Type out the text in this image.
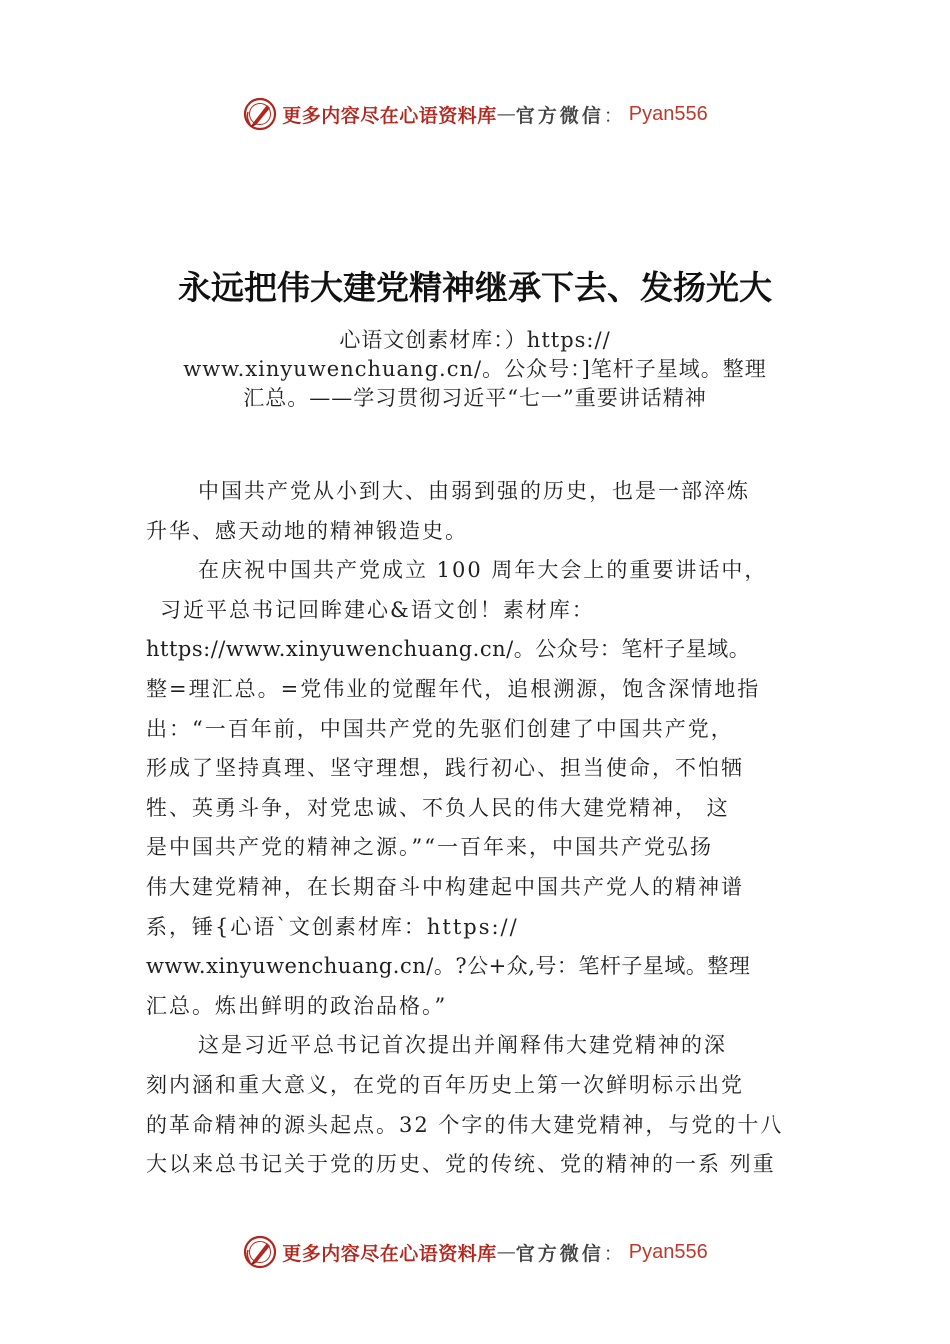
更多内容尽在心语资料库 — 官方微信 ： Pyan556
永远把伟大建党精神继承下去、发扬光大
心语文创素材库：）https://
www.xinyuwenchuang.cn/。公众号：]笔杆子星域。整理
汇总。——学习贯彻习近平“七一”重要讲话精神
中国共产党从小到大、由弱到强的历史，也是一部淬炼
升华、感天动地的精神锻造史。
在庆祝中国共产党成立 100 周年大会上的重要讲话中，
习近平总书记回眸建心&语文创！素材库：
https://www.xinyuwenchuang.cn/。公众号：笔杆子星域。
整=理汇总。=党伟业的觉醒年代，追根溯源，饱含深情地指
出：“一百年前，中国共产党的先驱们创建了中国共产党，
形成了坚持真理、坚守理想，践行初心、担当使命，不怕牺
牲、英勇斗争，对党忠诚、不负人民的伟大建党精神， 这
是中国共产党的精神之源。”“一百年来，中国共产党弘扬
伟大建党精神，在长期奋斗中构建起中国共产党人的精神谱
系，锤{心语`文创素材库：https://
www.xinyuwenchuang.cn/。?公+众,号：笔杆子星域。整理
汇总。炼出鲜明的政治品格。”
这是习近平总书记首次提出并阐释伟大建党精神的深
刻内涵和重大意义，在党的百年历史上第一次鲜明标示出党
的革命精神的源头起点。32 个字的伟大建党精神，与党的十八
大以来总书记关于党的历史、党的传统、党的精神的一系 列重
更多内容尽在心语资料库 — 官方微信 ： Pyan556
